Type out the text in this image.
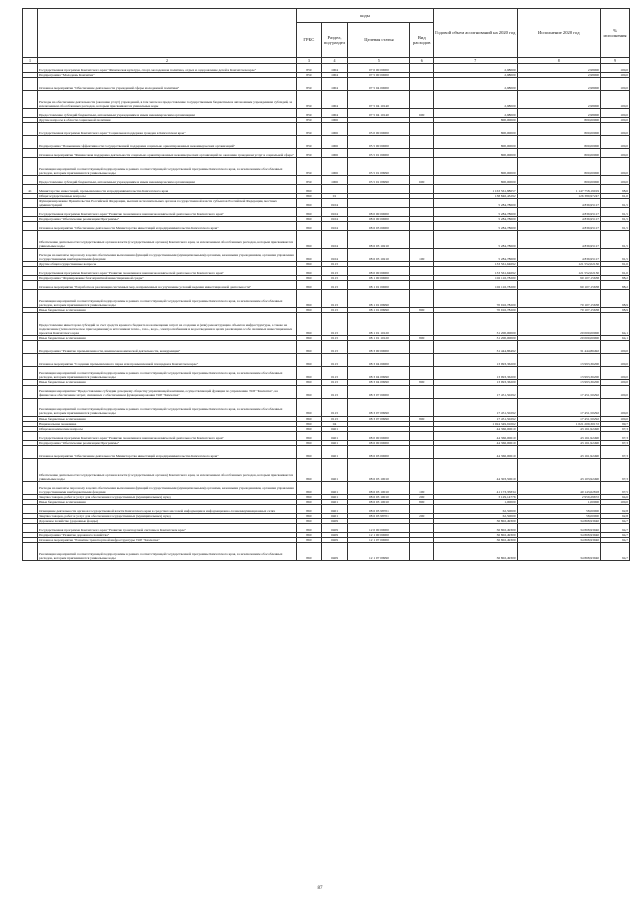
		коды				Годовой объем ассигнований на 2020 год	Исполнение 2020 год	% исполнения
		ГРБС	Раздел, под-раздел	Целевая статья	Вид расходов			
1	2	3	4	5	6	7	8	9
	Государственная программа Камчатского края "Физическая культура, спорт, молодежная политика, отдых и оздоровление детей в Камчатском крае"	859	1004	07 0 00 00000		2,98000	2,98000	100,0
	Подпрограмма "Молодежь Камчатки"	859	1004	07 5 00 00000		2,98000	2,98000	100,0
	Основное мероприятие "Обеспечение деятельности учреждений сферы молодежной политики"	859	1004	07 5 04 00000		2,98000	2,98000	100,0
	Расходы на обеспечение деятельности (оказание услуг) учреждений, в том числе на предоставление государственным бюджетным и автономным учреждениям субсидий, за исключением обособленных расходов, которым присваиваются уникальные коды	859	1004	07 5 04 10140		2,98000	2,98000	100,0
	Предоставление субсидий бюджетным, автономным учреждениям и иным некоммерческим организациям	859	1004	07 5 04 10140	600	2,98000	2,98000	100,0
	Другие вопросы в области социальной политики	859	1006			800,00000	800,00000	100,0
	Государственная программа Камчатского края "Социальная поддержка граждан в Камчатском крае"	859	1006	05 0 00 00000		800,00000	800,00000	100,0
	Подпрограмма "Повышение эффективности государственной поддержки социально ориентированных некоммерческих организаций"	859	1006	05 5 00 00000		800,00000	800,00000	100,0
	Основное мероприятие "Финансовая поддержка деятельности социально ориентированных некоммерческих организаций по оказанию гражданам услуг в социальной сфере"	859	1006	05 5 01 00000		800,00000	800,00000	100,0
	Реализация мероприятий соответствующей подпрограммы в рамках соответствующей государственной программы Камчатского края, за исключением обособленных расходов, которым присваиваются уникальные коды	859	1006	05 5 01 09990		800,00000	800,00000	100,0
	Предоставление субсидий бюджетным, автономным учреждениям и иным некоммерческим организациям	859	1006	05 5 01 09990	600	800,00000	800,00000	100,0
41	Министерство инвестиций, промышленности и предпринимательства Камчатского края	860				1 163 561,88657	1 147 758,19019	98,6
	Общегосударственные вопросы	860	01			138 846,43292	126 389,97247	91,0
	Функционирование Правительства Российской Федерации, высших исполнительных органов государственной власти субъектов Российской Федерации, местных администраций	860	0104			5 284,78600	4 836,95117	91,5
	Государственная программа Камчатского края "Развитие экономики и внешнеэкономической деятельности Камчатского края"	860	0104	08 0 00 00000		5 284,78600	4 836,95117	91,5
	Подпрограмма "Обеспечение реализации Программы"	860	0104	08 6 00 00000		5 284,78600	4 836,95117	91,5
	Основное мероприятие "Обеспечение деятельности Министерства инвестиций и предпринимательства Камчатского края"	860	0104	08 6 03 00000		5 284,78600	4 836,95117	91,5
	Обеспечение деятельности государственных органов власти (государственных органов) Камчатского края, за исключением обособленных расходов, которым присваиваются уникальные коды	860	0104	08 6 03 10210		5 284,78600	4 836,95117	91,5
	Расходы на выплаты персоналу в целях обеспечения выполнения функций государственными (муниципальными) органами, казенными учреждениями, органами управления государственными внебюджетными фондами	860	0104	08 6 03 10210	100	5 284,78600	4 836,95117	91,5
	Другие общегосударственные вопросы	860	0113			133 561,64692	121 552,02130	91,0
	Государственная программа Камчатского края "Развитие экономики и внешнеэкономической деятельности Камчатского края"	860	0113	08 0 00 00000		133 561,64692	121 552,02130	91,0
	Подпрограмма "Формирование благоприятной инвестиционной среды"	860	0113	08 1 00 00000		102 116,78200	90 107,15638	88,2
	Основное мероприятие "Разработка и реализация системных мер, направленных на улучшение условий ведения инвестиционной деятельности"	860	0113	08 1 01 00000		102 116,78200	90 107,15638	88,2
	Реализация мероприятий соответствующей подпрограммы в рамках соответствующей государственной программы Камчатского края, за исключением обособленных расходов, которым присваиваются уникальные коды	860	0113	08 1 01 09990		70 916,78200	70 107,15638	98,9
	Иные бюджетные ассигнования	860	0113	08 1 01 09990	800	70 916,78200	70 107,15638	98,9
	Предоставление инвесторам субсидий за счет средств краевого бюджета на возмещение затрат на создание и (или) реконструкцию объектов инфраструктуры, а также на подключение (технологическое присоединение) к источникам тепло-, газо-, водо-, электроснабжения и водоотведения в целях реализации особо значимых инвестиционных проектов Камчатского края	860	0113	08 1 01 10120		31 200,00000	20 000,00000	64,1
	Иные бюджетные ассигнования	860	0113	08 1 01 10120	800	31 200,00000	20 000,00000	64,1
	Подпрограмма "Развитие промышленности, внешнеэкономической деятельности, конкуренции"	860	0113	08 3 00 00000		31 444,86492	31 444,86492	100,0
	Основное мероприятие "Создание промышленного парка или промышленной площадки в Камчатском крае"	860	0113	08 3 04 00000		13 993,36200	13 993,36200	100,0
	Реализация мероприятий соответствующей подпрограммы в рамках соответствующей государственной программы Камчатского края, за исключением обособленных расходов, которым присваиваются уникальные коды	860	0113	08 3 04 09990		13 993,36200	13 993,36200	100,0
	Иные бюджетные ассигнования	860	0113	08 3 04 09990	800	13 993,36200	13 993,36200	100,0
	Реализация мероприятия "Предоставление субсидии дочернему обществу управляющей компании, осуществляющей функции по управлению ТОР "Камчатка", на финансовое обеспечение затрат, связанных с обеспечением функционирования ТОР "Камчатка"	860	0113	08 3 07 00000		17 451,50292	17 451,50292	100,0
	Реализация мероприятий соответствующей подпрограммы в рамках соответствующей государственной программы Камчатского края, за исключением обособленных расходов, которым присваиваются уникальные коды	860	0113	08 3 07 09990		17 451,50292	17 451,50292	100,0
	Иные бюджетные ассигнования	860	0113	08 3 07 09990	800	17 451,50292	17 451,50292	100,0
	Национальная экономика	860	04			1 024 349,91062	1 021 209,30172	99,7
	Общеэкономические вопросы	860	0401			44 366,00610	43 161,92490	97,3
	Государственная программа Камчатского края "Развитие экономики и внешнеэкономической деятельности Камчатского края"	860	0401	08 0 00 00000		44 366,00610	43 161,92490	97,3
	Подпрограмма "Обеспечение реализации Программы"	860	0401	08 6 00 00000		44 366,00610	43 161,92490	97,3
	Основное мероприятие "Обеспечение деятельности Министерства инвестиций и предпринимательства Камчатского края"	860	0401	08 6 03 00000		44 366,00610	43 161,92490	97,3
	Обеспечение деятельности государственных органов власти (государственных органов) Камчатского края, за исключением обособленных расходов, которым присваиваются уникальные коды	860	0401	08 6 03 10010		44 303,50610	43 103,92490	97,3
	Расходы на выплаты персоналу в целях обеспечения выполнения функций государственными (муниципальными) органами, казенными учреждениями, органами управления государственными внебюджетными фондами	860	0401	08 6 03 10010	100	41 173,35834	40 143,62818	97,5
	Закупка товаров, работ и услуг для обеспечения государственных (муниципальных) нужд	860	0401	08 6 03 10010	200	3 129,14776	2 959,29672	94,6
	Иные бюджетные ассигнования	860	0401	08 6 03 10010	800	1,00000	1,00000	100,0
	Освещение деятельности органов государственной власти Камчатского края в средствах массовой информации и информационно-телекоммуникационных сетях	860	0401	08 6 03 98701		62,50000	58,00000	92,8
	Закупка товаров, работ и услуг для обеспечения государственных (муниципальных) нужд	860	0401	08 6 03 98701	200	62,50000	58,00000	92,8
	Дорожное хозяйство (дорожные фонды)	860	0409			36 802,49300	34 868,93940	94,7
	Государственная программа Камчатского края "Развитие транспортной системы в Камчатском крае"	860	0409	12 0 00 00000		36 802,49300	34 868,93940	94,7
	Подпрограмма "Развитие дорожного хозяйства"	860	0409	12 1 00 00000		36 802,49300	34 868,93940	94,7
	Основное мероприятие "Развитие транспортной инфраструктуры ТОР "Камчатка"	860	0409	12 1 07 00000		36 802,49300	34 868,93940	94,7
	Реализация мероприятий соответствующей подпрограммы в рамках соответствующей государственной программы Камчатского края, за исключением обособленных расходов, которым присваиваются уникальные коды	860	0409	12 1 07 09990		36 802,49300	34 868,93940	94,7
87
